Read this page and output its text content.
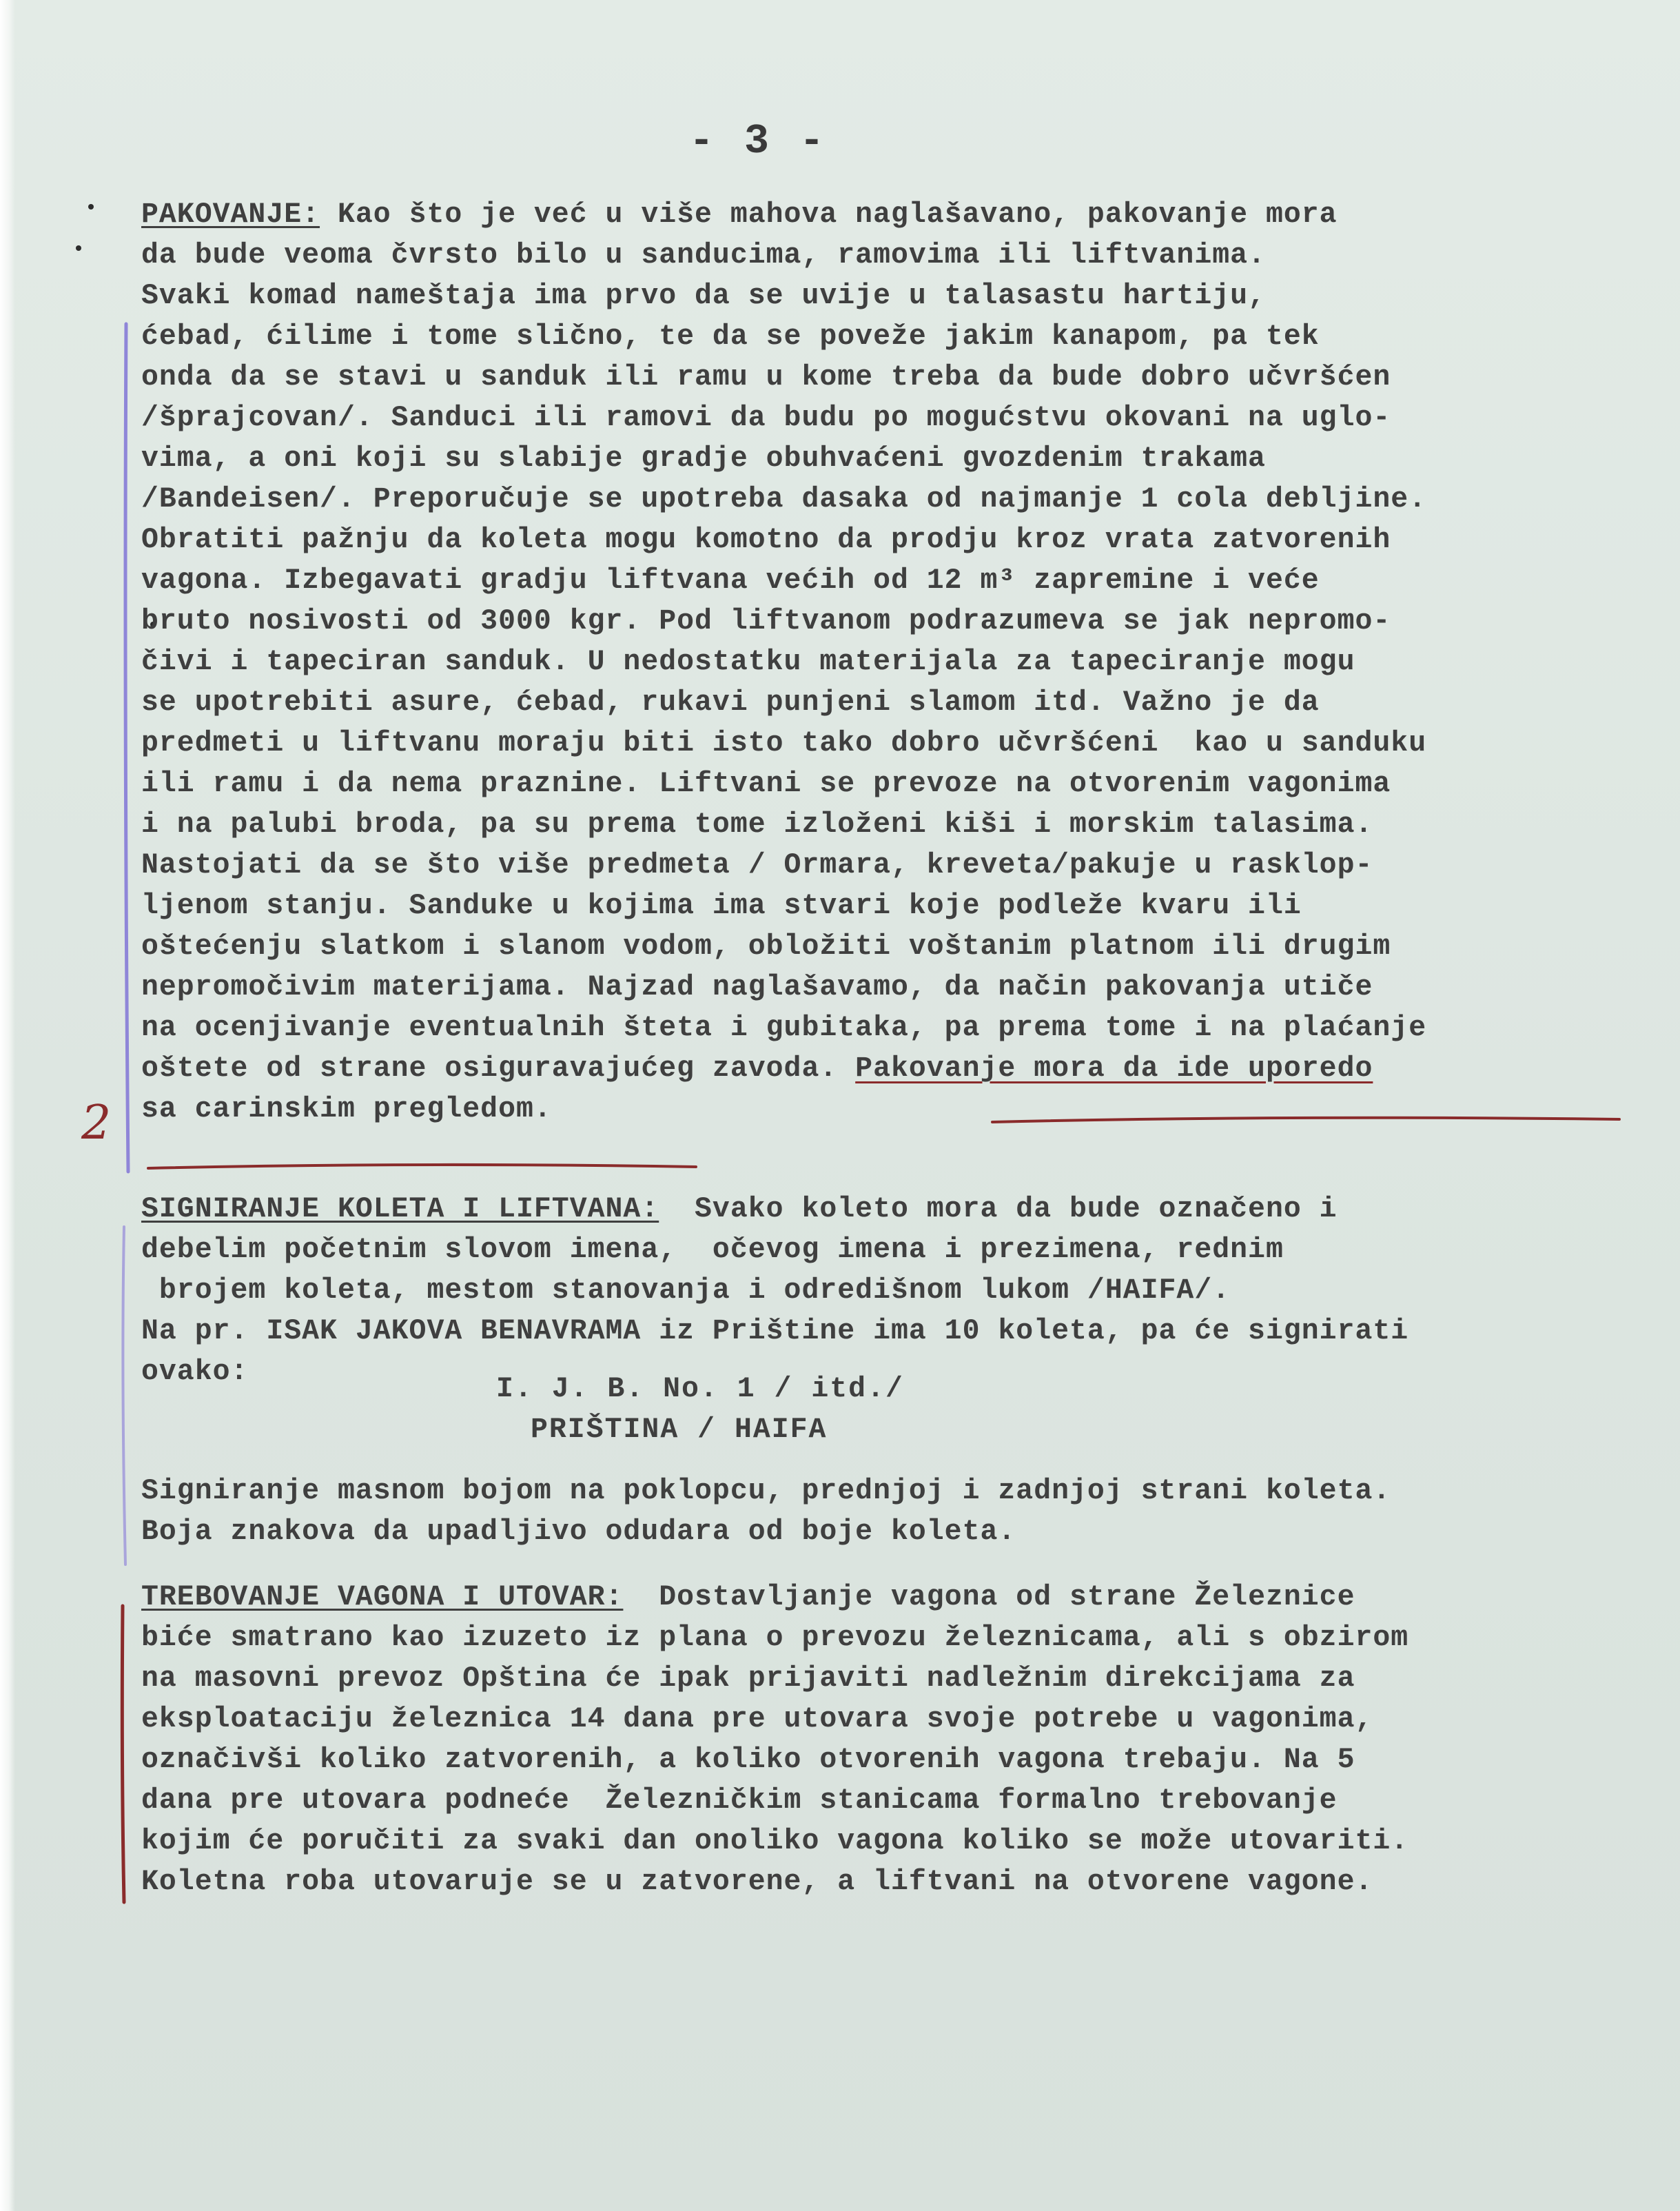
- 3 -
PAKOVANJE: Kao što je već u više mahova naglašavano, pakovanje mora
da bude veoma čvrsto bilo u sanducima, ramovima ili liftvanima.
Svaki komad nameštaja ima prvo da se uvije u talasastu hartiju,
ćebad, ćilime i tome slično, te da se poveže jakim kanapom, pa tek
onda da se stavi u sanduk ili ramu u kome treba da bude dobro učvršćen
/šprajcovan/. Sanduci ili ramovi da budu po mogućstvu okovani na uglo-
vima, a oni koji su slabije gradje obuhvaćeni gvozdenim trakama
/Bandeisen/. Preporučuje se upotreba dasaka od najmanje 1 cola debljine.
Obratiti pažnju da koleta mogu komotno da prodju kroz vrata zatvorenih
vagona. Izbegavati gradju liftvana većih od 12 m³ zapremine i veće
bruto nosivosti od 3000 kgr. Pod liftvanom podrazumeva se jak nepromo-
čivi i tapeciran sanduk. U nedostatku materijala za tapeciranje mogu
se upotrebiti asure, ćebad, rukavi punjeni slamom itd. Važno je da
predmeti u liftvanu moraju biti isto tako dobro učvršćeni  kao u sanduku
ili ramu i da nema praznine. Liftvani se prevoze na otvorenim vagonima
i na palubi broda, pa su prema tome izloženi kiši i morskim talasima.
Nastojati da se što više predmeta / Ormara, kreveta/pakuje u rasklop-
ljenom stanju. Sanduke u kojima ima stvari koje podleže kvaru ili
oštećenju slatkom i slanom vodom, obložiti voštanim platnom ili drugim
nepromočivim materijama. Najzad naglašavamo, da način pakovanja utiče
na ocenjivanje eventualnih šteta i gubitaka, pa prema tome i na plaćanje
oštete od strane osiguravajućeg zavoda. Pakovanje mora da ide uporedo
sa carinskim pregledom.
SIGNIRANJE KOLETA I LIFTVANA:  Svako koleto mora da bude označeno i
debelim početnim slovom imena,  očevog imena i prezimena, rednim
brojem koleta, mestom stanovanja i odredišnom lukom /HAIFA/.
Na pr. ISAK JAKOVA BENAVRAMA iz Prištine ima 10 koleta, pa će signirati
ovako:
I. J. B. No. 1 / itd./
PRIŠTINA / HAIFA
Signiranje masnom bojom na poklopcu, prednjoj i zadnjoj strani koleta.
Boja znakova da upadljivo odudara od boje koleta.
TREBOVANJE VAGONA I UTOVAR:  Dostavljanje vagona od strane Železnice
biće smatrano kao izuzeto iz plana o prevozu železnicama, ali s obzirom
na masovni prevoz Opština će ipak prijaviti nadležnim direkcijama za
eksploataciju železnica 14 dana pre utovara svoje potrebe u vagonima,
označivši koliko zatvorenih, a koliko otvorenih vagona trebaju. Na 5
dana pre utovara podneće  Železničkim stanicama formalno trebovanje
kojim će poručiti za svaki dan onoliko vagona koliko se može utovariti.
Koletna roba utovaruje se u zatvorene, a liftvani na otvorene vagone.
2
